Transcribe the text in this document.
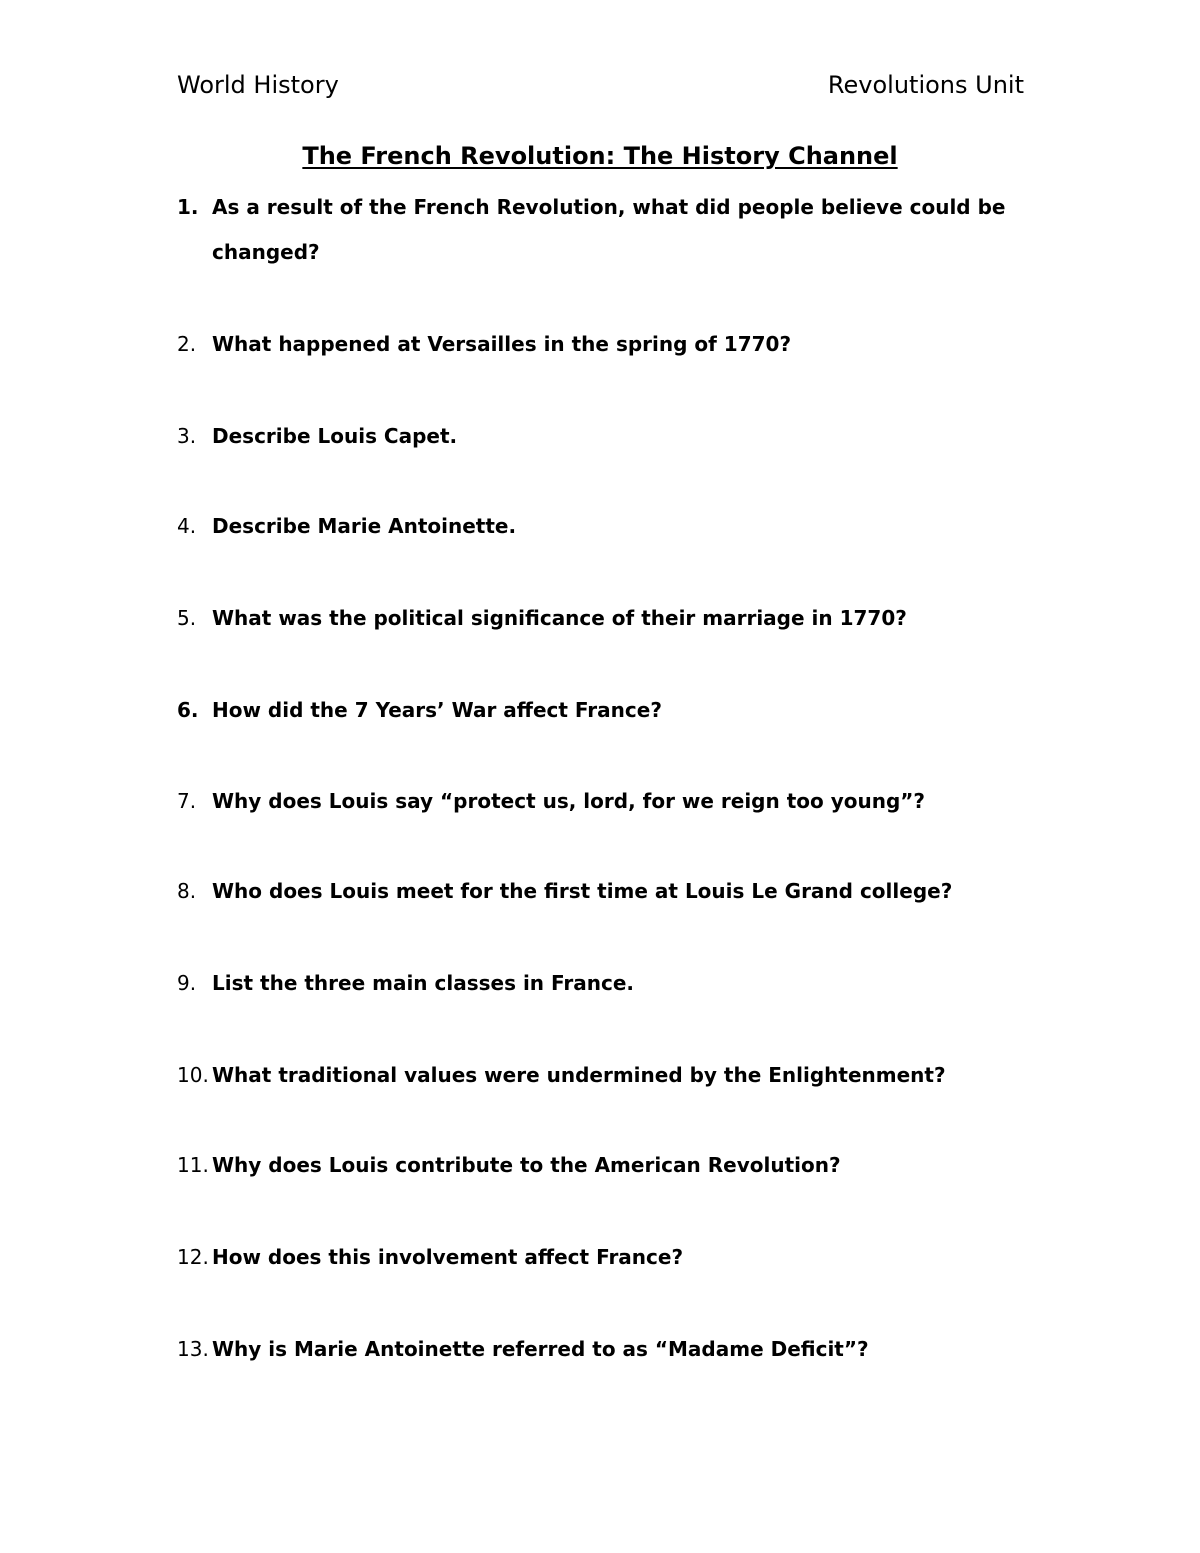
World History	Revolutions Unit
The French Revolution: The History Channel
1. As a result of the French Revolution, what did people believe could be changed?
2. What happened at Versailles in the spring of 1770?
3. Describe Louis Capet.
4. Describe Marie Antoinette.
5. What was the political significance of their marriage in 1770?
6. How did the 7 Years’ War affect France?
7. Why does Louis say “protect us, lord, for we reign too young”?
8. Who does Louis meet for the first time at Louis Le Grand college?
9. List the three main classes in France.
10. What traditional values were undermined by the Enlightenment?
11. Why does Louis contribute to the American Revolution?
12. How does this involvement affect France?
13. Why is Marie Antoinette referred to as “Madame Deficit”?
